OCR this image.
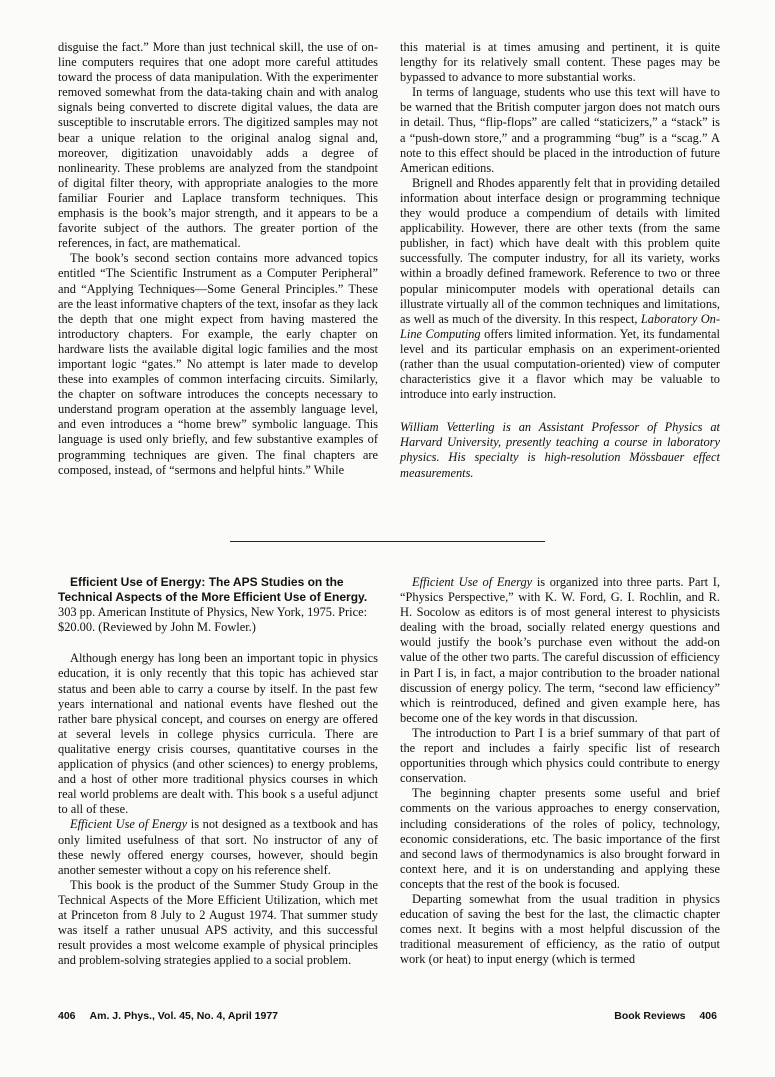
disguise the fact.” More than just technical skill, the use of on-line computers requires that one adopt more careful attitudes toward the process of data manipulation. With the experimenter removed somewhat from the data-taking chain and with analog signals being converted to discrete digital values, the data are susceptible to inscrutable errors. The digitized samples may not bear a unique relation to the original analog signal and, moreover, digitization unavoidably adds a degree of nonlinearity. These problems are analyzed from the standpoint of digital filter theory, with appropriate analogies to the more familiar Fourier and Laplace transform techniques. This emphasis is the book’s major strength, and it appears to be a favorite subject of the authors. The greater portion of the references, in fact, are mathematical.

The book’s second section contains more advanced topics entitled “The Scientific Instrument as a Computer Peripheral” and “Applying Techniques—Some General Principles.” These are the least informative chapters of the text, insofar as they lack the depth that one might expect from having mastered the introductory chapters. For example, the early chapter on hardware lists the available digital logic families and the most important logic “gates.” No attempt is later made to develop these into examples of common interfacing circuits. Similarly, the chapter on software introduces the concepts necessary to understand program operation at the assembly language level, and even introduces a “home brew” symbolic language. This language is used only briefly, and few substantive examples of programming techniques are given. The final chapters are composed, instead, of “sermons and helpful hints.” While

this material is at times amusing and pertinent, it is quite lengthy for its relatively small content. These pages may be bypassed to advance to more substantial works.

In terms of language, students who use this text will have to be warned that the British computer jargon does not match ours in detail. Thus, “flip-flops” are called “staticizers,” a “stack” is a “push-down store,” and a programming “bug” is a “scag.” A note to this effect should be placed in the introduction of future American editions.

Brignell and Rhodes apparently felt that in providing detailed information about interface design or programming technique they would produce a compendium of details with limited applicability. However, there are other texts (from the same publisher, in fact) which have dealt with this problem quite successfully. The computer industry, for all its variety, works within a broadly defined framework. Reference to two or three popular minicomputer models with operational details can illustrate virtually all of the common techniques and limitations, as well as much of the diversity. In this respect, Laboratory On-Line Computing offers limited information. Yet, its fundamental level and its particular emphasis on an experiment-oriented (rather than the usual computation-oriented) view of computer characteristics give it a flavor which may be valuable to introduce into early instruction.

William Vetterling is an Assistant Professor of Physics at Harvard University, presently teaching a course in laboratory physics. His specialty is high-resolution Mössbauer effect measurements.

Efficient Use of Energy: The APS Studies on the Technical Aspects of the More Efficient Use of Energy. 303 pp. American Institute of Physics, New York, 1975. Price: $20.00. (Reviewed by John M. Fowler.)

Although energy has long been an important topic in physics education, it is only recently that this topic has achieved star status and been able to carry a course by itself. In the past few years international and national events have fleshed out the rather bare physical concept, and courses on energy are offered at several levels in college physics curricula. There are qualitative energy crisis courses, quantitative courses in the application of physics (and other sciences) to energy problems, and a host of other more traditional physics courses in which real world problems are dealt with. This book s a useful adjunct to all of these.

Efficient Use of Energy is not designed as a textbook and has only limited usefulness of that sort. No instructor of any of these newly offered energy courses, however, should begin another semester without a copy on his reference shelf.

This book is the product of the Summer Study Group in the Technical Aspects of the More Efficient Utilization, which met at Princeton from 8 July to 2 August 1974. That summer study was itself a rather unusual APS activity, and this successful result provides a most welcome example of physical principles and problem-solving strategies applied to a social problem.

Efficient Use of Energy is organized into three parts. Part I, “Physics Perspective,” with K. W. Ford, G. I. Rochlin, and R. H. Socolow as editors is of most general interest to physicists dealing with the broad, socially related energy questions and would justify the book’s purchase even without the add-on value of the other two parts. The careful discussion of efficiency in Part I is, in fact, a major contribution to the broader national discussion of energy policy. The term, “second law efficiency” which is reintroduced, defined and given example here, has become one of the key words in that discussion.

The introduction to Part I is a brief summary of that part of the report and includes a fairly specific list of research opportunities through which physics could contribute to energy conservation.

The beginning chapter presents some useful and brief comments on the various approaches to energy conservation, including considerations of the roles of policy, technology, economic considerations, etc. The basic importance of the first and second laws of thermodynamics is also brought forward in context here, and it is on understanding and applying these concepts that the rest of the book is focused.

Departing somewhat from the usual tradition in physics education of saving the best for the last, the climactic chapter comes next. It begins with a most helpful discussion of the traditional measurement of efficiency, as the ratio of output work (or heat) to input energy (which is termed

406 Am. J. Phys., Vol. 45, No. 4, April 1977	Book Reviews 406
